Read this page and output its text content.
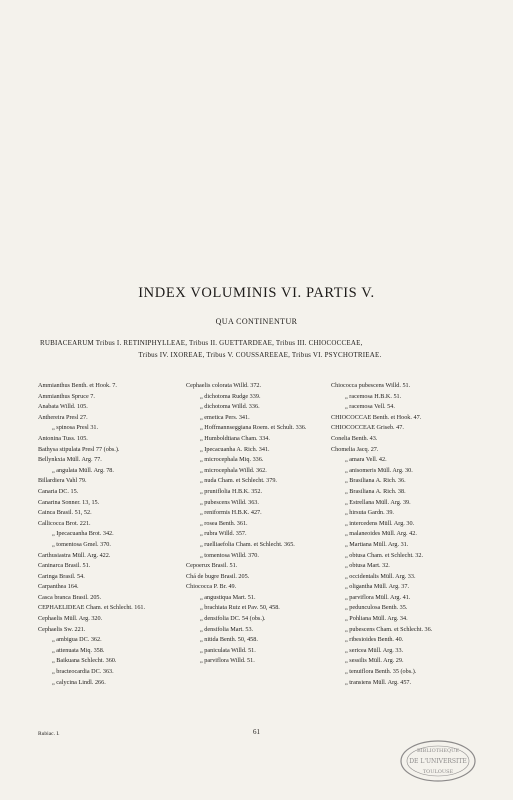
INDEX VOLUMINIS VI. PARTIS V.
QUA CONTINENTUR
RUBIACEARUM Tribus I. RETINIPHYLLEAE, Tribus II. GUETTARDEAE, Tribus III. CHIOCOCCEAE,
Tribus IV. IXOREAE, Tribus V. COUSSAREEAE, Tribus VI. PSYCHOTRIEAE.
Ammianthus Benth. et Hook. 7.
Ammianthus Spruce 7.
Anabata Willd. 105.
Anthereira Presl 27.
„ spinosa Presl 31.
Antonina Tuss. 105.
Bathysa stipulata Presl 77 (obs.).
Bellynkxia Müll. Arg. 77.
„ angulata Müll. Arg. 78.
Billardiera Vahl 79.
Canaria DC. 15.
Canarina Sonner. 13, 15.
Cainca Brasil. 51, 52.
Callicocca Brot. 221.
„ Ipecacuanha Brot. 342.
„ tomentosa Gmel. 370.
Carthusiastra Müll. Arg. 422.
Caninarca Brasil. 51.
Caringa Brasil. 54.
Carpanthea 164.
Casca branca Brasil. 205.
CEPHAELIDEAE Cham. et Schlecht. 161.
Cephaelis Müll. Arg. 320.
Cephaelis Sw. 221.
„ ambigua DC. 362.
„ attenuata Miq. 358.
„ Baikuana Schlecht. 360.
„ bracteocardia DC. 363.
„ calycina Lindl. 266.
Cephaelis colorata Willd. 372.
„ dichotoma Rudge 339.
„ dichotoma Willd. 336.
„ emetica Pers. 341.
„ Hoffmannseggiana Roem. et Schult. 336.
„ Humboldtiana Cham. 334.
„ Ipecacuanha A. Rich. 341.
„ microcephala Miq. 336.
„ microcephala Willd. 362.
„ nuda Cham. et Schlecht. 379.
„ pruniflolia H.B.K. 352.
„ pubescens Willd. 363.
„ reniformis H.B.K. 427.
„ rosea Benth. 361.
„ rubra Willd. 357.
„ ruelliaefolia Cham. et Schlecht. 365.
„ tomentosa Willd. 370.
Cepoerux Brasil. 51.
Chá de bugre Brasil. 205.
Chiococca P. Br. 49.
„ angustiqua Mart. 51.
„ brachiata Ruiz et Pav. 50, 458.
„ densifolia DC. 54 (obs.).
„ densifolia Mart. 53.
„ nitida Benth. 50, 458.
„ paniculata Willd. 51.
„ parviflora Willd. 51.
Chiococca pubescens Willd. 51.
„ racemosa H.B.K. 51.
„ racemosa Vell. 54.
CHIOCOCCAE Benth. et Hook. 47.
CHIOCOCCEAE Griseb. 47.
Conelia Benth. 43.
Chomelia Jacq. 27.
„ amara Vell. 42.
„ anisomeris Müll. Arg. 30.
„ Brasiliana A. Rich. 36.
„ Brasiliana A. Rich. 38.
„ Estrellana Müll. Arg. 39.
„ hirsuta Gardn. 39.
„ intercedens Müll. Arg. 30.
„ malaneoides Müll. Arg. 42.
„ Martiana Müll. Arg. 31.
„ obtusa Cham. et Schlecht. 32.
„ obtusa Mart. 32.
„ occidentalis Müll. Arg. 33.
„ oligantha Müll. Arg. 37.
„ parviflora Müll. Arg. 41.
„ pedunculosa Benth. 35.
„ Pohliana Müll. Arg. 34.
„ pubescens Cham. et Schlecht. 36.
„ ribesioides Benth. 40.
„ sericea Müll. Arg. 33.
„ sessilis Müll. Arg. 29.
„ tenuiflora Benth. 35 (obs.).
„ transiens Müll. Arg. 457.
Rubiac. I.	61
BIBLIOTHEQUE
DE L'UNIVERSITE
TOULOUSE
